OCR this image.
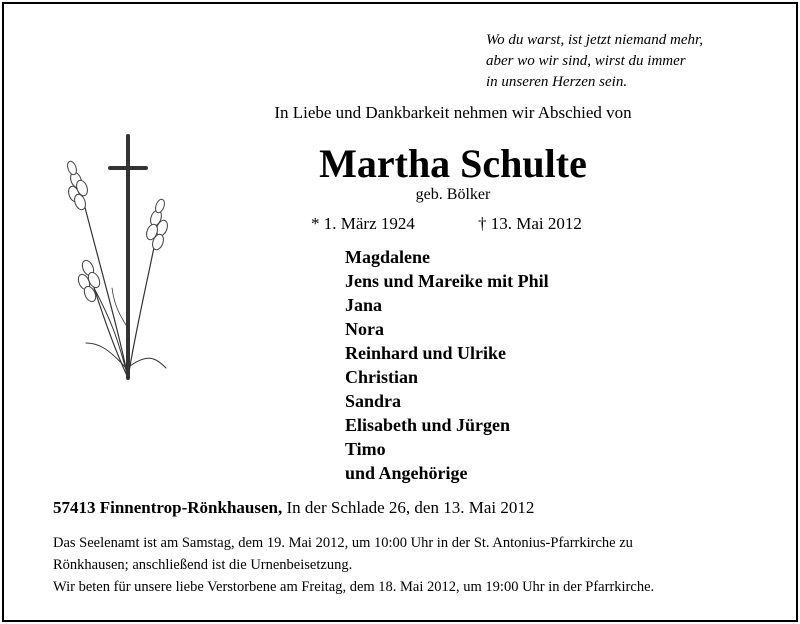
Wo du warst, ist jetzt niemand mehr,
aber wo wir sind, wirst du immer
in unseren Herzen sein.
In Liebe und Dankbarkeit nehmen wir Abschied von
Martha Schulte
geb. Bölker
* 1. März 1924	† 13. Mai 2012
Magdalene
Jens und Mareike mit Phil
Jana
Nora
Reinhard und Ulrike
Christian
Sandra
Elisabeth und Jürgen
Timo
und Angehörige
57413 Finnentrop-Rönkhausen, In der Schlade 26, den 13. Mai 2012
Das Seelenamt ist am Samstag, dem 19. Mai 2012, um 10:00 Uhr in der St. Antonius-Pfarrkirche zu
Rönkhausen; anschließend ist die Urnenbeisetzung.
Wir beten für unsere liebe Verstorbene am Freitag, dem 18. Mai 2012, um 19:00 Uhr in der Pfarrkirche.
